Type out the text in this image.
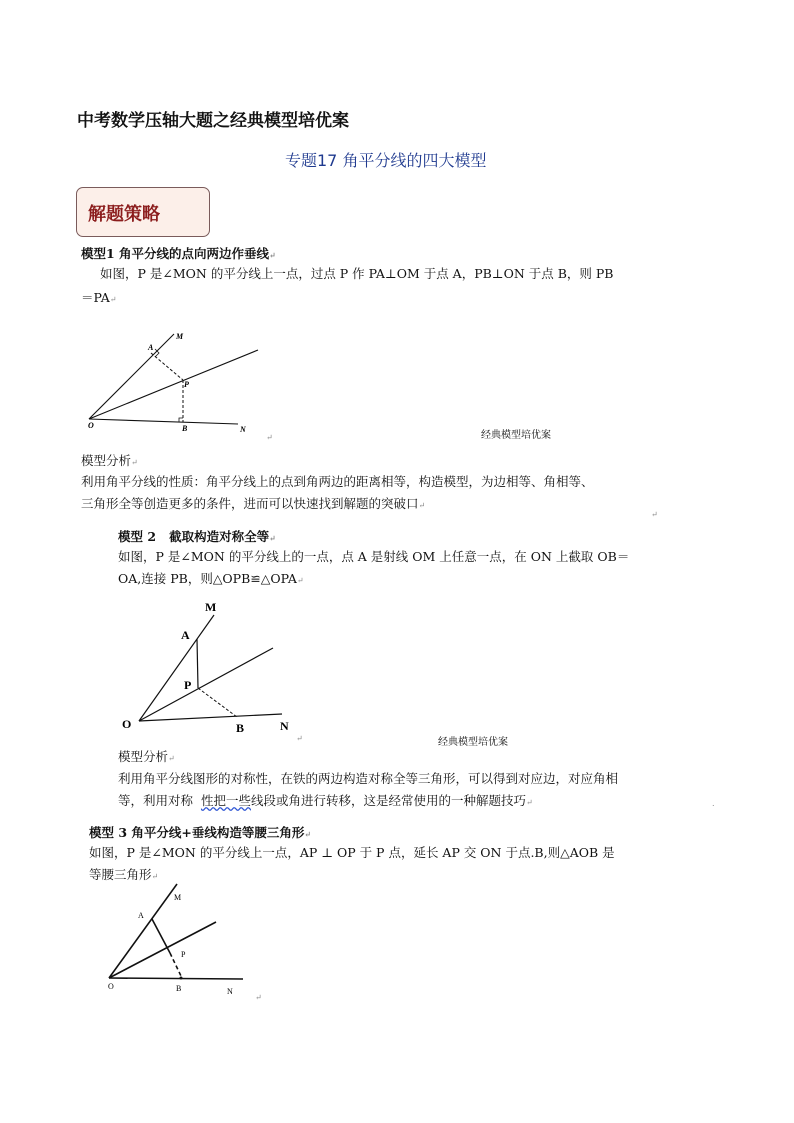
中考数学压轴大题之经典模型培优案
专题17 角平分线的四大模型
解题策略
模型1 角平分线的点向两边作垂线↵
如图，P 是∠MON 的平分线上一点，过点 P 作 PA⊥OM 于点 A，PB⊥ON 于点 B，则 PB
＝PA↵
M
A
P
O	B	N
↵	经典模型培优案
模型分析↵
利用角平分线的性质：角平分线上的点到角两边的距离相等，构造模型，为边相等、角相等、
三角形全等创造更多的条件，进而可以快速找到解题的突破口↵
↵
模型 2 截取构造对称全等↵
如图，P 是∠MON 的平分线上的一点，点 A 是射线 OM 上任意一点，在 ON 上截取 OB＝
OA,连接 PB，则△OPB≌△OPA↵
M
A
P
O	B	N
↵	经典模型培优案
模型分析↵
利用角平分线图形的对称性，在铁的两边构造对称全等三角形，可以得到对应边，对应角相
等，利用对称 性把一些线段或角进行转移，这是经常使用的一种解题技巧↵	.
模型 3 角平分线+垂线构造等腰三角形↵
如图，P 是∠MON 的平分线上一点，AP ⊥ OP 于 P 点，延长 AP 交 ON 于点.B,则△AOB 是
等腰三角形↵
M
A
P
O	B	N
↵
